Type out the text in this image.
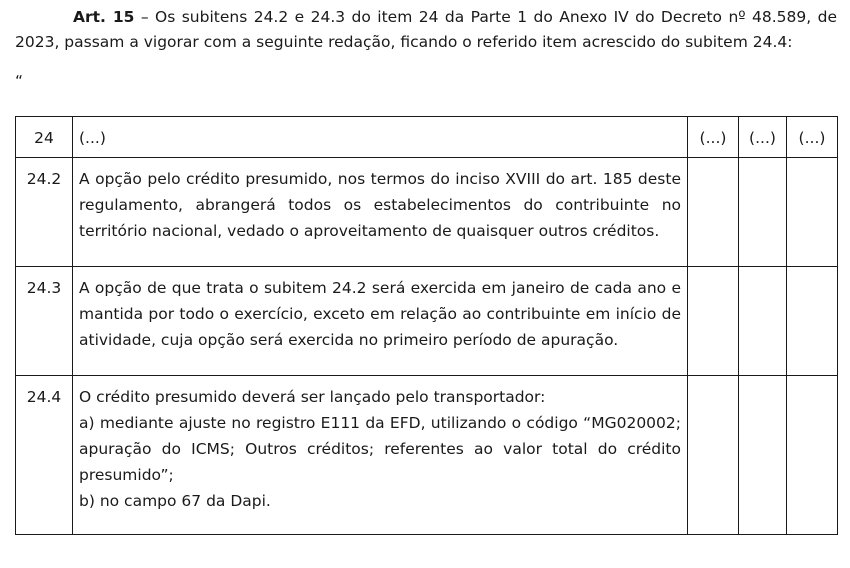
Art. 15 – Os subitens 24.2 e 24.3 do item 24 da Parte 1 do Anexo IV do Decreto nº 48.589, de 2023, passam a vigorar com a seguinte redação, ficando o referido item acrescido do subitem 24.4:

“
24	(...)	(...)	(...)	(...)
24.2	A opção pelo crédito presumido, nos termos do inciso XVIII do art. 185 deste regulamento, abrangerá todos os estabelecimentos do contribuinte no território nacional, vedado o aproveitamento de quaisquer outros créditos.			
24.3	A opção de que trata o subitem 24.2 será exercida em janeiro de cada ano e mantida por todo o exercício, exceto em relação ao contribuinte em início de atividade, cuja opção será exercida no primeiro período de apuração.			
24.4	O crédito presumido deverá ser lançado pelo transportador:
a) mediante ajuste no registro E111 da EFD, utilizando o código “MG020002; apuração do ICMS; Outros créditos; referentes ao valor total do crédito presumido”;
b) no campo 67 da Dapi.			
